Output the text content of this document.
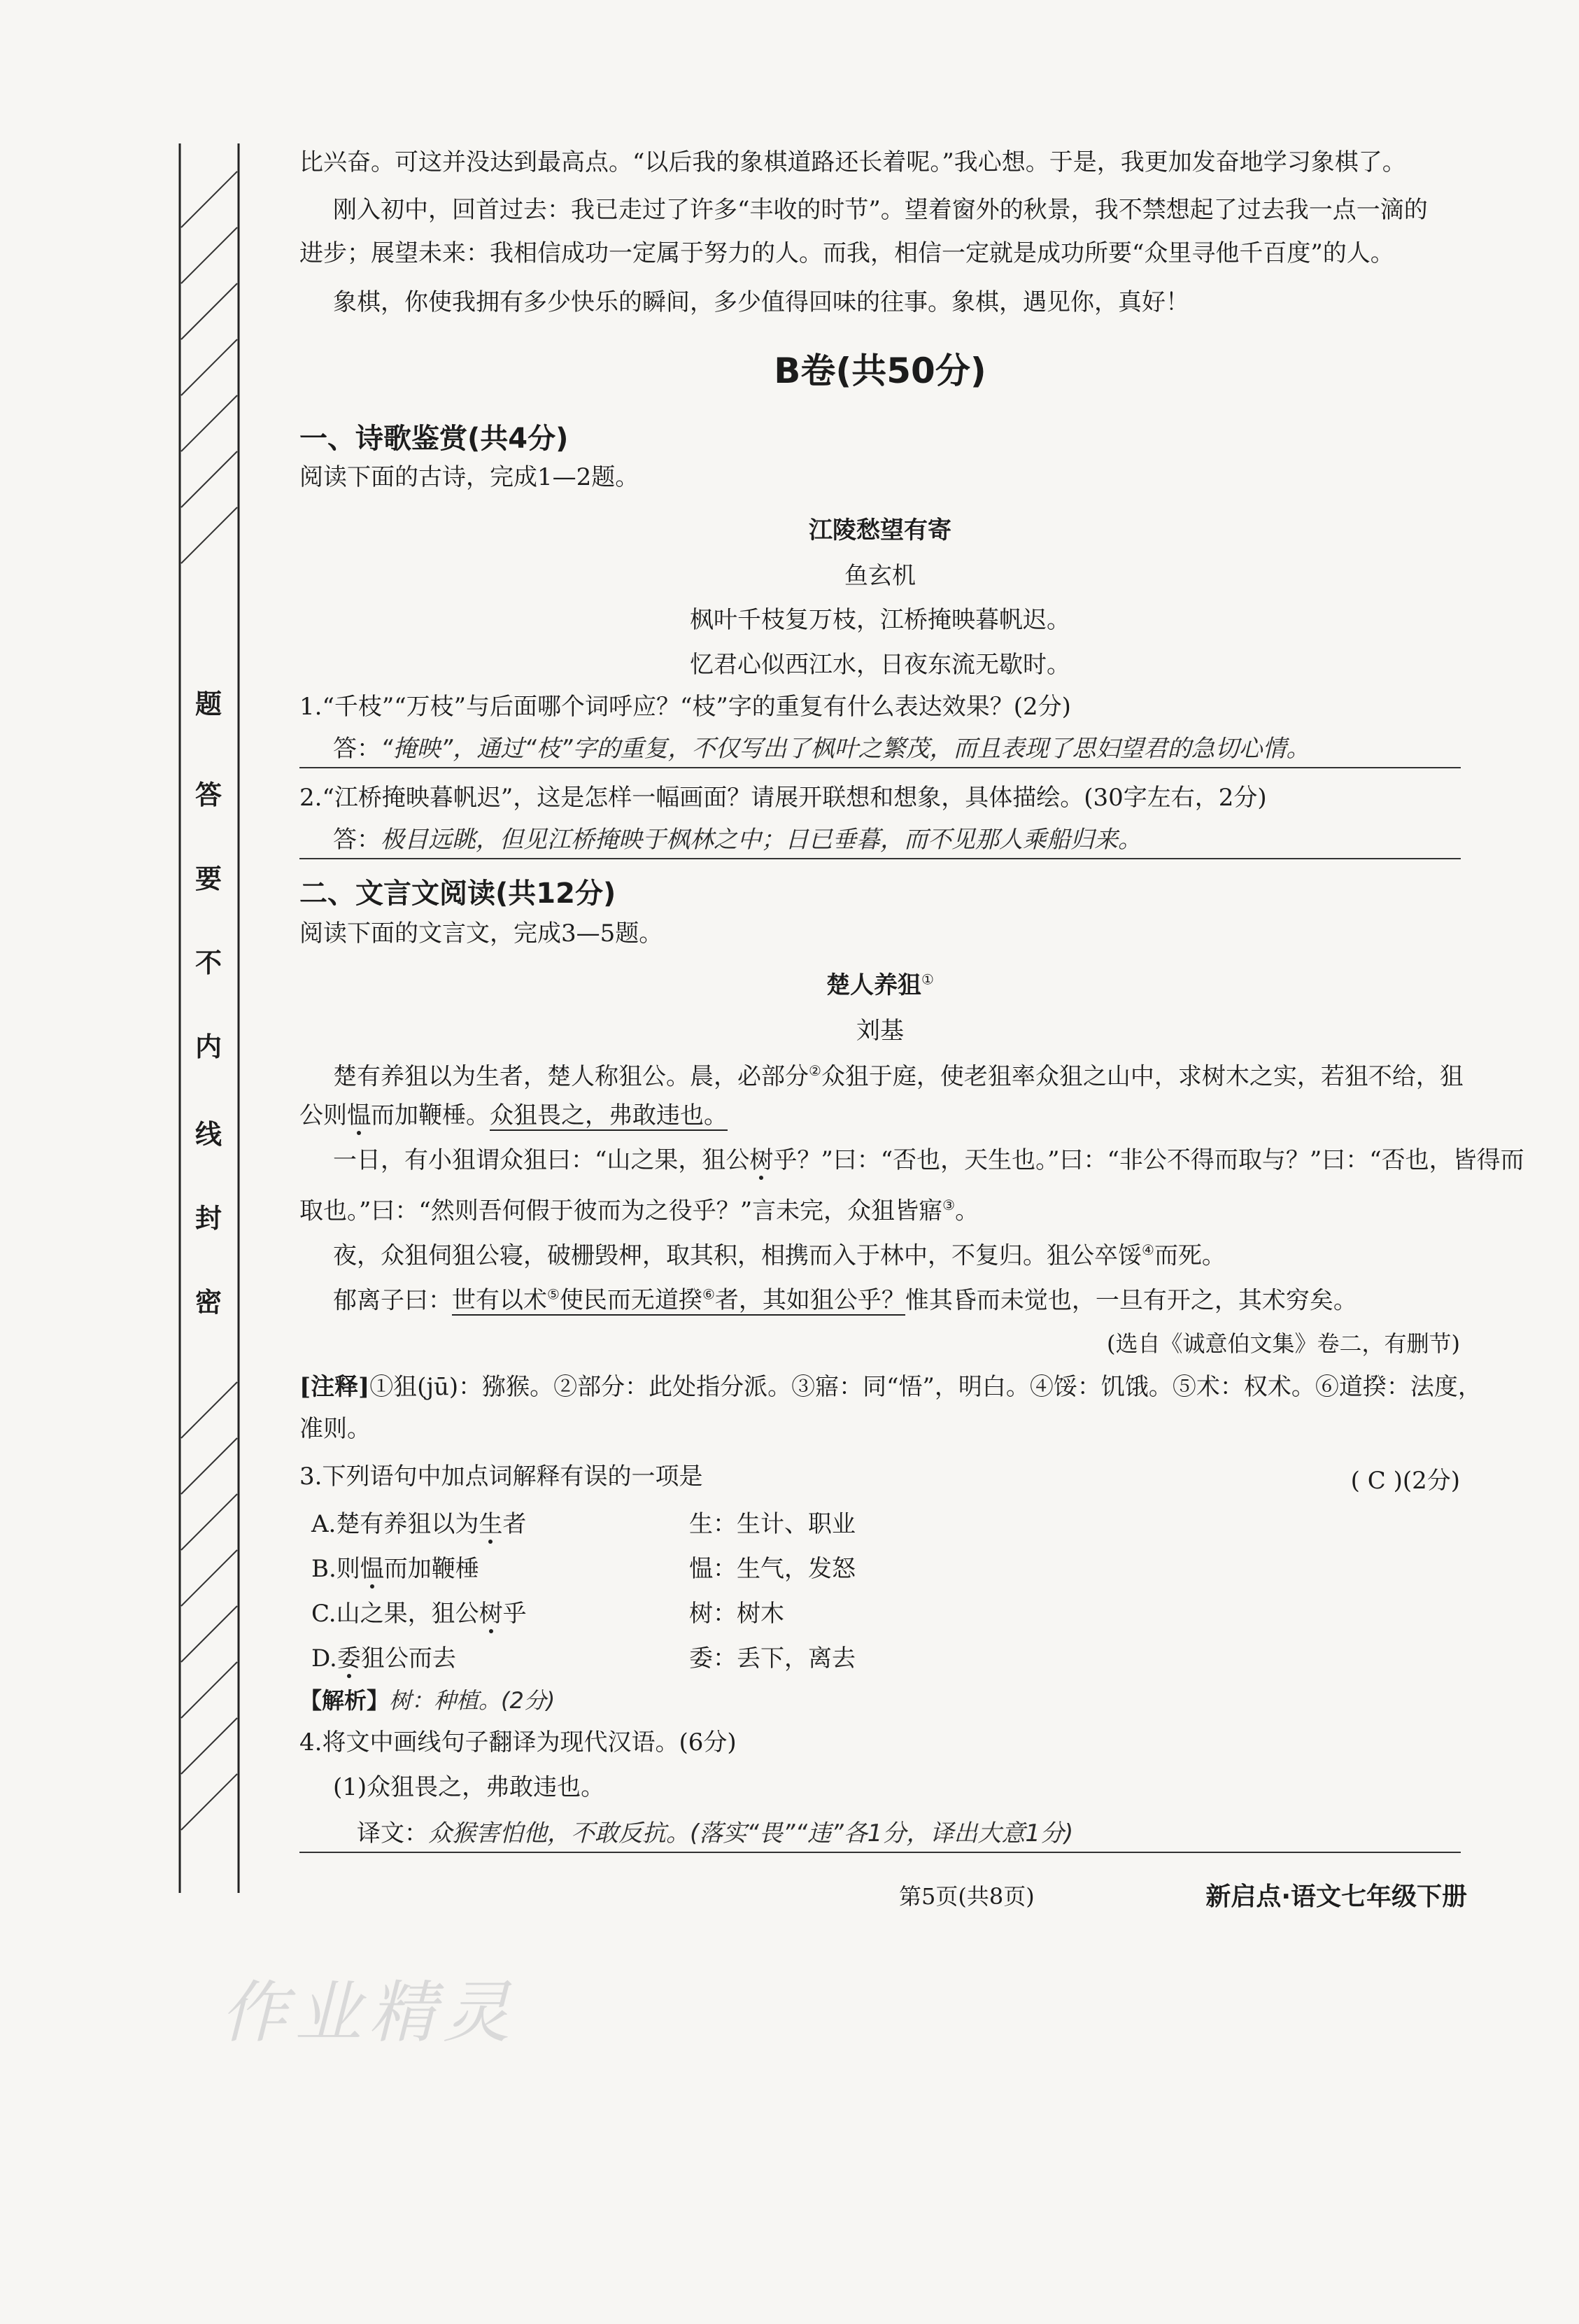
题
答
要
不
内
线
封
密
比兴奋。可这并没达到最高点。“以后我的象棋道路还长着呢。”我心想。于是，我更加发奋地学习象棋了。
刚入初中，回首过去：我已走过了许多“丰收的时节”。望着窗外的秋景，我不禁想起了过去我一点一滴的
进步；展望未来：我相信成功一定属于努力的人。而我，相信一定就是成功所要“众里寻他千百度”的人。
象棋，你使我拥有多少快乐的瞬间，多少值得回味的往事。象棋，遇见你，真好！
B卷(共50分)
一、诗歌鉴赏(共4分)
阅读下面的古诗，完成1—2题。
江陵愁望有寄
鱼玄机
枫叶千枝复万枝，江桥掩映暮帆迟。
忆君心似西江水，日夜东流无歇时。
1.“千枝”“万枝”与后面哪个词呼应？“枝”字的重复有什么表达效果？(2分)
答：“掩映”，通过“枝”字的重复，不仅写出了枫叶之繁茂，而且表现了思妇望君的急切心情。
2.“江桥掩映暮帆迟”，这是怎样一幅画面？请展开联想和想象，具体描绘。(30字左右，2分)
答：极目远眺，但见江桥掩映于枫林之中；日已垂暮，而不见那人乘船归来。
二、文言文阅读(共12分)
阅读下面的文言文，完成3—5题。
楚人养狙①
刘基
楚有养狙以为生者，楚人称狙公。晨，必部分②众狙于庭，使老狙率众狙之山中，求树木之实，若狙不给，狙
公则愠而加鞭棰。众狙畏之，弗敢违也。
一日，有小狙谓众狙曰：“山之果，狙公树乎？”曰：“否也，天生也。”曰：“非公不得而取与？”曰：“否也，皆得而
取也。”曰：“然则吾何假于彼而为之役乎？”言未完，众狙皆寤③。
夜，众狙伺狙公寝，破栅毁柙，取其积，相携而入于林中，不复归。狙公卒馁④而死。
郁离子曰：世有以术⑤使民而无道揆⑥者，其如狙公乎？惟其昏而未觉也，一旦有开之，其术穷矣。
(选自《诚意伯文集》卷二，有删节)
[注释]①狙(jū)：猕猴。②部分：此处指分派。③寤：同“悟”，明白。④馁：饥饿。⑤术：权术。⑥道揆：法度，
准则。
3.下列语句中加点词解释有误的一项是	( C )(2分)
A.楚有养狙以为生者	生：生计、职业
B.则愠而加鞭棰	愠：生气，发怒
C.山之果，狙公树乎	树：树木
D.委狙公而去	委：丢下，离去
【解析】树：种植。(2分)
4.将文中画线句子翻译为现代汉语。(6分)
(1)众狙畏之，弗敢违也。
译文：众猴害怕他，不敢反抗。(落实“畏”“违”各1分，译出大意1分)
第5页(共8页)	新启点·语文七年级下册
作业精灵
